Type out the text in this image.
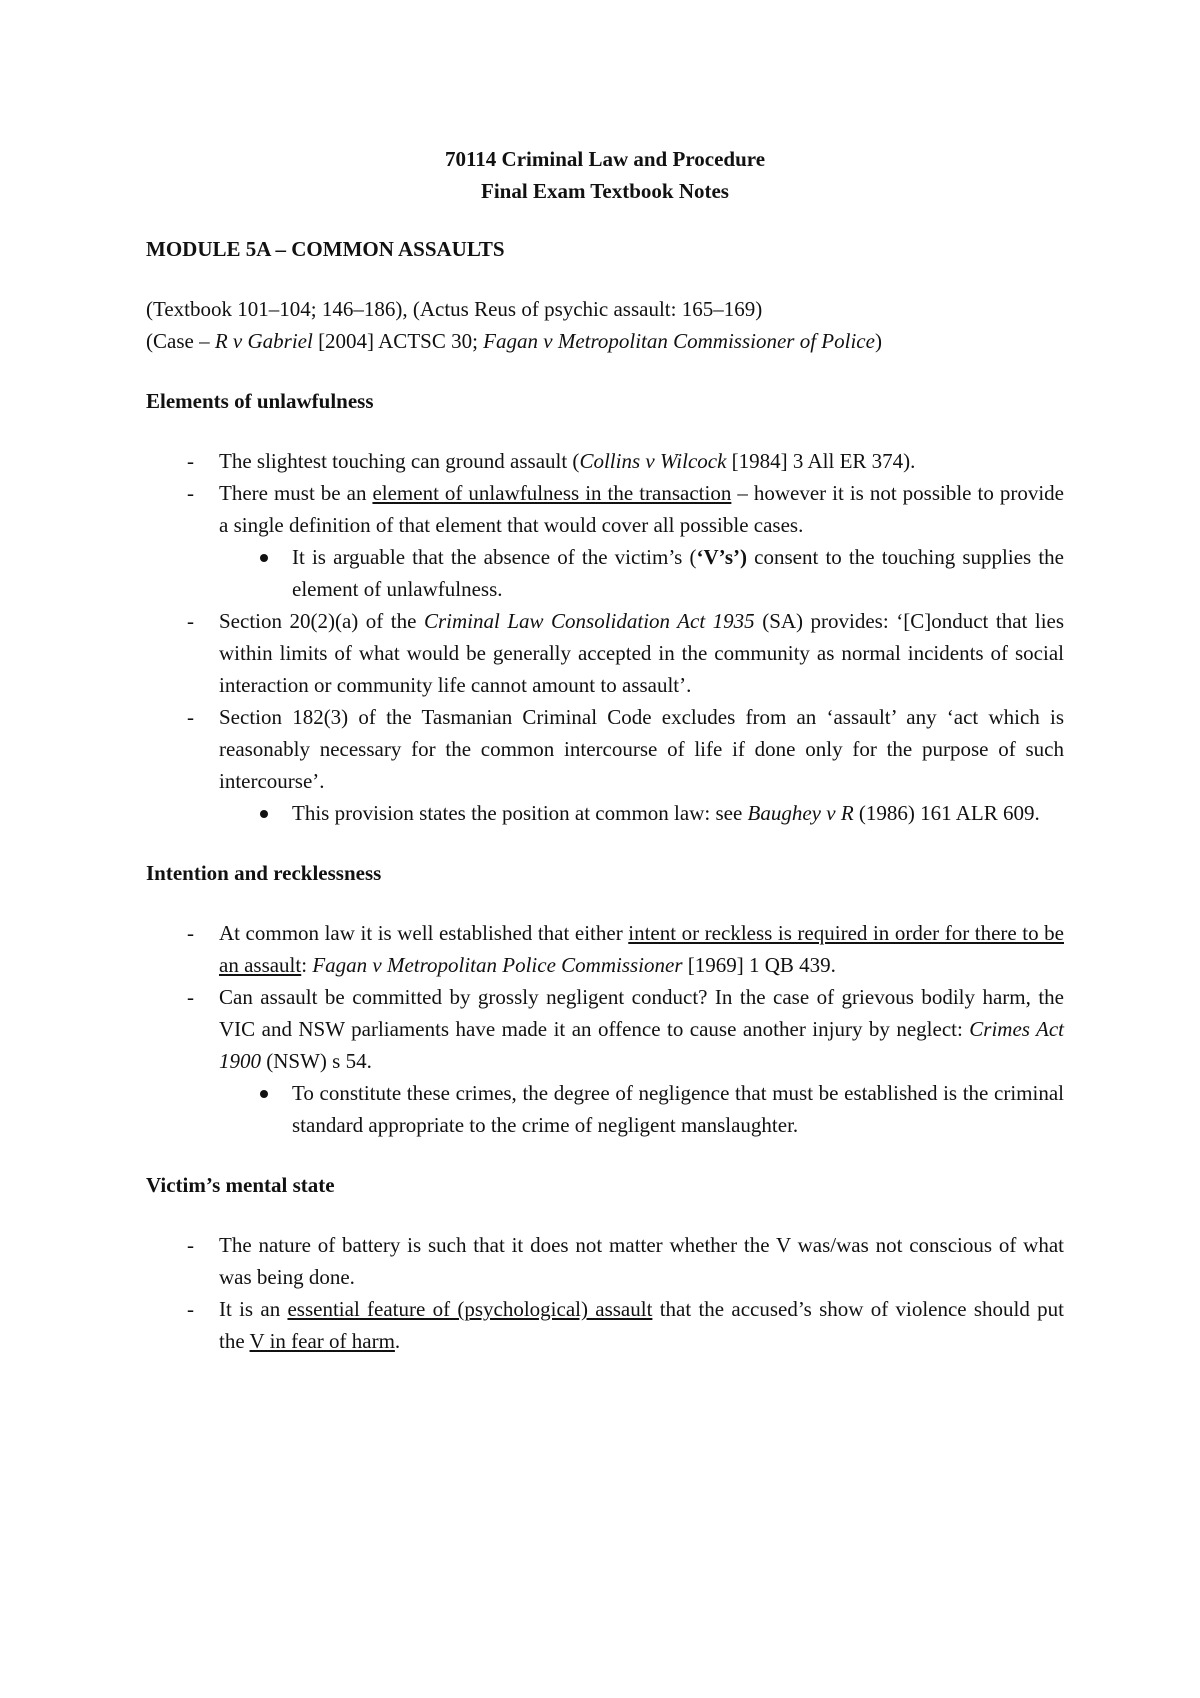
70114 Criminal Law and Procedure

Final Exam Textbook Notes

MODULE 5A – COMMON ASSAULTS

(Textbook 101–104; 146–186), (Actus Reus of psychic assault: 165–169)

(Case – R v Gabriel [2004] ACTSC 30; Fagan v Metropolitan Commissioner of Police)

Elements of unlawfulness
- The slightest touching can ground assault (Collins v Wilcock [1984] 3 All ER 374).
- There must be an element of unlawfulness in the transaction – however it is not possible to provide a single definition of that element that would cover all possible cases.
It is arguable that the absence of the victim’s (‘V’s’) consent to the touching supplies the element of unlawfulness.
- Section 20(2)(a) of the Criminal Law Consolidation Act 1935 (SA) provides: ‘[C]onduct that lies within limits of what would be generally accepted in the community as normal incidents of social interaction or community life cannot amount to assault’.
- Section 182(3) of the Tasmanian Criminal Code excludes from an ‘assault’ any ‘act which is reasonably necessary for the common intercourse of life if done only for the purpose of such intercourse’.
This provision states the position at common law: see Baughey v R (1986) 161 ALR 609.
Intention and recklessness
- At common law it is well established that either intent or reckless is required in order for there to be an assault: Fagan v Metropolitan Police Commissioner [1969] 1 QB 439.
- Can assault be committed by grossly negligent conduct? In the case of grievous bodily harm, the VIC and NSW parliaments have made it an offence to cause another injury by neglect: Crimes Act 1900 (NSW) s 54.
To constitute these crimes, the degree of negligence that must be established is the criminal standard appropriate to the crime of negligent manslaughter.
Victim’s mental state
- The nature of battery is such that it does not matter whether the V was/was not conscious of what was being done.
- It is an essential feature of (psychological) assault that the accused’s show of violence should put the V in fear of harm.
